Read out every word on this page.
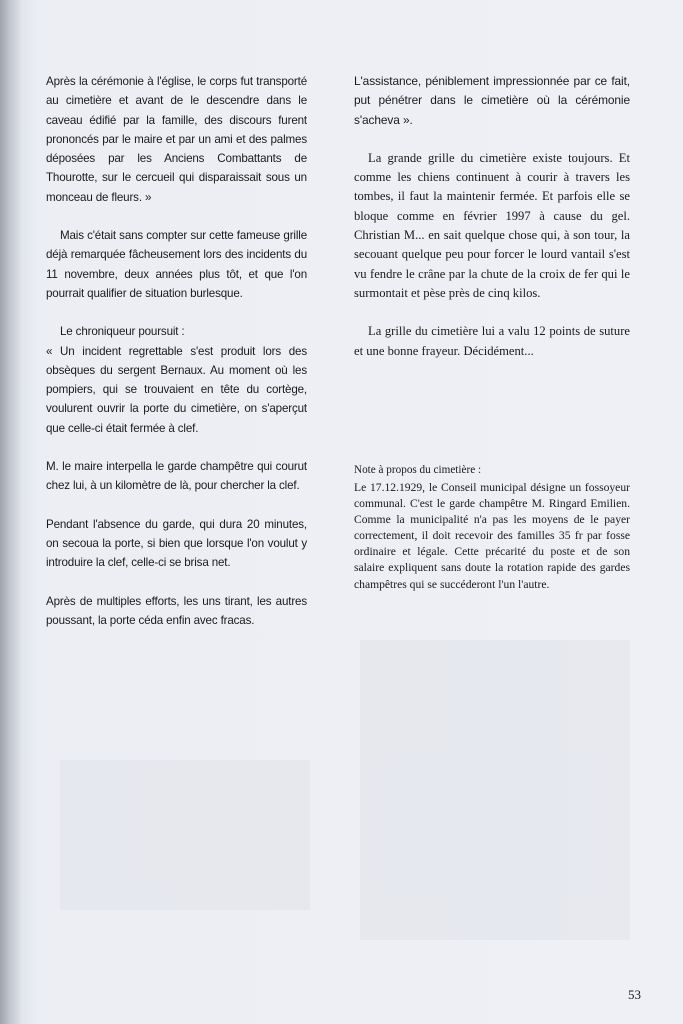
Après la cérémonie à l'église, le corps fut transporté au cimetière et avant de le descendre dans le caveau édifié par la famille, des discours furent prononcés par le maire et par un ami et des palmes déposées par les Anciens Combattants de Thourotte, sur le cercueil qui disparaissait sous un monceau de fleurs. »

Mais c'était sans compter sur cette fameuse grille déjà remarquée fâcheusement lors des incidents du 11 novembre, deux années plus tôt, et que l'on pourrait qualifier de situation burlesque.

Le chroniqueur poursuit :

« Un incident regrettable s'est produit lors des obsèques du sergent Bernaux. Au moment où les pompiers, qui se trouvaient en tête du cortège, voulurent ouvrir la porte du cimetière, on s'aperçut que celle-ci était fermée à clef.

M. le maire interpella le garde champêtre qui courut chez lui, à un kilomètre de là, pour chercher la clef.

Pendant l'absence du garde, qui dura 20 minutes, on secoua la porte, si bien que lorsque l'on voulut y introduire la clef, celle-ci se brisa net.

Après de multiples efforts, les uns tirant, les autres poussant, la porte céda enfin avec fracas.

L'assistance, péniblement impressionnée par ce fait, put pénétrer dans le cimetière où la cérémonie s'acheva ».

La grande grille du cimetière existe toujours. Et comme les chiens continuent à courir à travers les tombes, il faut la maintenir fermée. Et parfois elle se bloque comme en février 1997 à cause du gel. Christian M... en sait quelque chose qui, à son tour, la secouant quelque peu pour forcer le lourd vantail s'est vu fendre le crâne par la chute de la croix de fer qui le surmontait et pèse près de cinq kilos.

La grille du cimetière lui a valu 12 points de suture et une bonne frayeur. Décidément...

Note à propos du cimetière :

Le 17.12.1929, le Conseil municipal désigne un fossoyeur communal. C'est le garde champêtre M. Ringard Emilien. Comme la municipalité n'a pas les moyens de le payer correctement, il doit recevoir des familles 35 fr par fosse ordinaire et légale. Cette précarité du poste et de son salaire expliquent sans doute la rotation rapide des gardes champêtres qui se succéderont l'un l'autre.

53
